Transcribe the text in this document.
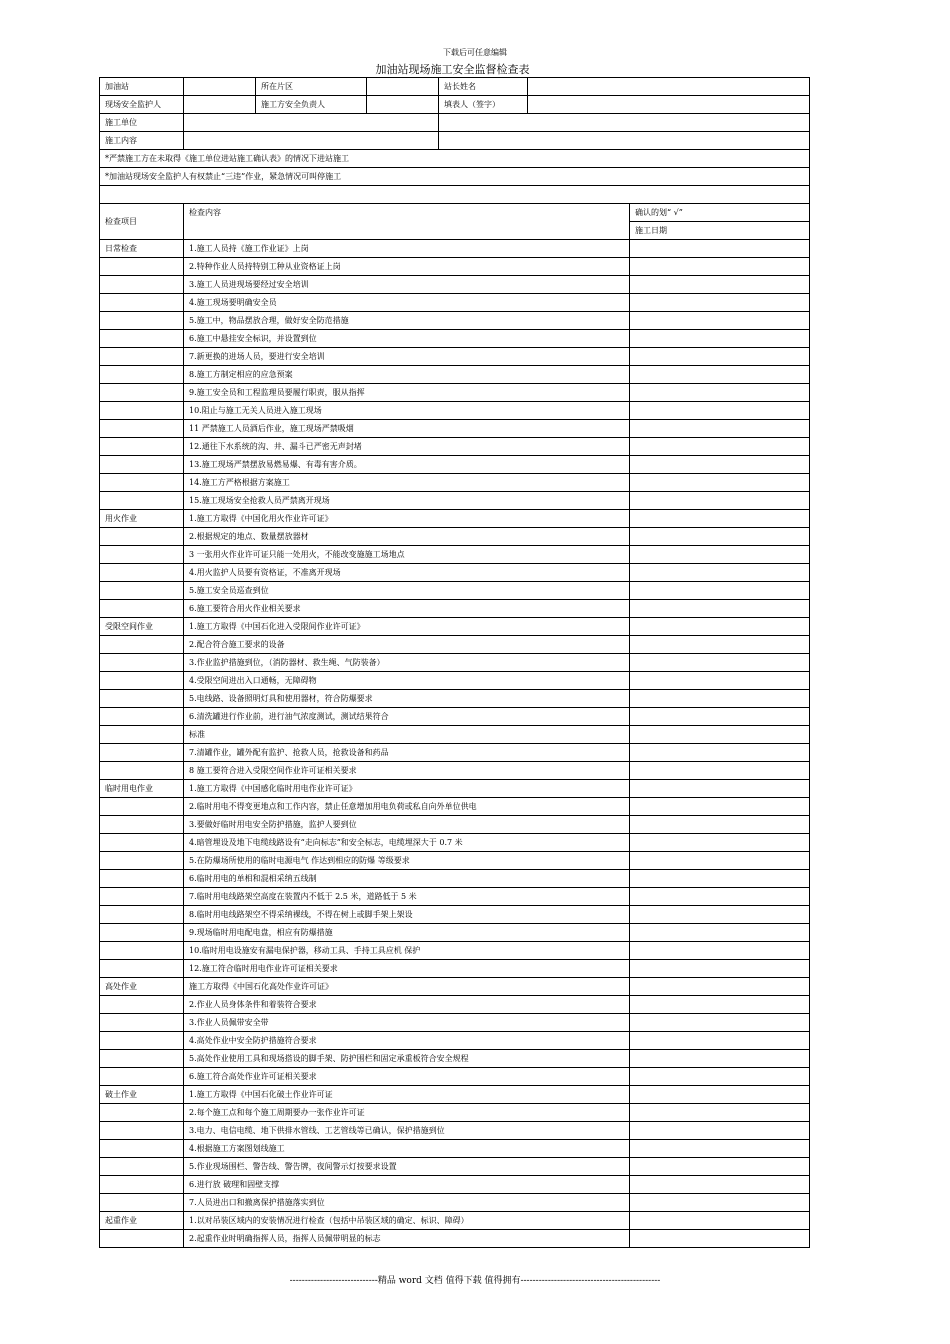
下载后可任意编辑
加油站现场施工安全监督检查表
加油站		所在片区		站长姓名		
现场安全监护人		施工方安全负责人		填表人（签字）		
施工单位						
施工内容						
*严禁施工方在未取得《施工单位进站施工确认表》的情况下进站施工						
*加油站现场安全监护人有权禁止“三违”作业，紧急情况可叫停施工						

检查项目	检查内容					确认的划“ √”
						施工日期
日常检查	1.施工人员持《施工作业证》上岗					
	2.特种作业人员持特别工种从业资格证上岗					
	3.施工人员进现场要经过安全培训					
	4.施工现场要明确安全员					
	5.施工中，物品摆放合理，做好安全防范措施					
	6.施工中悬挂安全标识，并设置到位					
	7.新更换的进场人员，要进行安全培训					
	8.施工方制定相应的应急预案					
	9.施工安全员和工程监理员要履行职责，服从指挥					
	10.阻止与施工无关人员进入施工现场					
	11 严禁施工人员酒后作业，施工现场严禁吸烟					
	12.通往下水系统的沟、井、漏斗已严密无声封堵					
	13.施工现场严禁摆放易燃易爆、有毒有害介质。					
	14.施工方严格根据方案施工					
	15.施工现场安全抢救人员严禁离开现场					
用火作业	1.施工方取得《中国化用火作业许可证》					
	2.根据规定的地点、数量摆放器材					
	3 一张用火作业许可证只能一处用火，不能改变施施工场地点					
	4.用火监护人员要有资格证，不准离开现场					
	5.施工安全员巡查到位					
	6.施工要符合用火作业相关要求					
受限空间作业	1.施工方取得《中国石化进入受限间作业许可证》					
	2.配合符合施工要求的设备					
	3.作业监护措施到位，（消防器材、救生绳、气防装备）					
	4.受限空间进出入口通畅，无障碍物					
	5.电线路、设备照明灯具和使用器材，符合防爆要求					
	6.清洗罐进行作业前，进行油气浓度测试，测试结果符合					
	标准					
	7.清罐作业，罐外配有监护、抢救人员，抢救设备和药品					
	8 施工要符合进入受限空间作业许可证相关要求					
临时用电作业	1.施工方取得《中国感化临时用电作业许可证》					
	2.临时用电不得变更地点和工作内容，禁止任意增加用电负荷或私自向外单位供电					
	3.要做好临时用电安全防护措施，监护人要到位					
	4.暗管埋设及地下电缆线路设有“走向标志”和安全标志，电缆埋深大于 0.7 米					
	5.在防爆场所使用的临时电源电气 作达到相应的防爆 等级要求					
	6.临时用电的单相和混相采纳五线制					
	7.临时用电线路架空高度在装置内不低于 2.5 米，道路低于 5 米					
	8.临时用电线路架空不得采纳裸线，不得在树上或脚手架上架设					
	9.现场临时用电配电盘，相应有防爆措施					
	10.临时用电设施安有漏电保护器，移动工具、手持工具应机 保护					
	12.施工符合临时用电作业许可证相关要求					
高处作业	施工方取得《中国石化高处作业许可证》					
	2.作业人员身体条件和着装符合要求					
	3.作业人员佩带安全带					
	4.高处作业中安全防护措施符合要求					
	5.高处作业使用工具和现场搭设的脚手架、防护围栏和固定承重板符合安全规程					
	6.施工符合高处作业许可证相关要求					
破土作业	1.施工方取得《中国石化破土作业许可证					
	2.每个施工点和每个施工周期要办一张作业许可证					
	3.电力、电信电缆、地下供排水管线、工艺管线等已确认，保护措施到位					
	4.根据施工方案图划线施工					
	5.作业现场围栏、警告线、警告牌，夜间警示灯按要求设置					
	6.进行放 破理和固壁支撑					
	7.人员进出口和撤离保护措施落实到位					
起重作业	1.以对吊装区域内的安装情况进行检查（包括中吊装区域的确定、标识、障碍）					
	2.起重作业时明确指挥人员，指挥人员佩带明显的标志					
-----------------------------精品 word 文档 值得下载 值得拥有----------------------------------------------
